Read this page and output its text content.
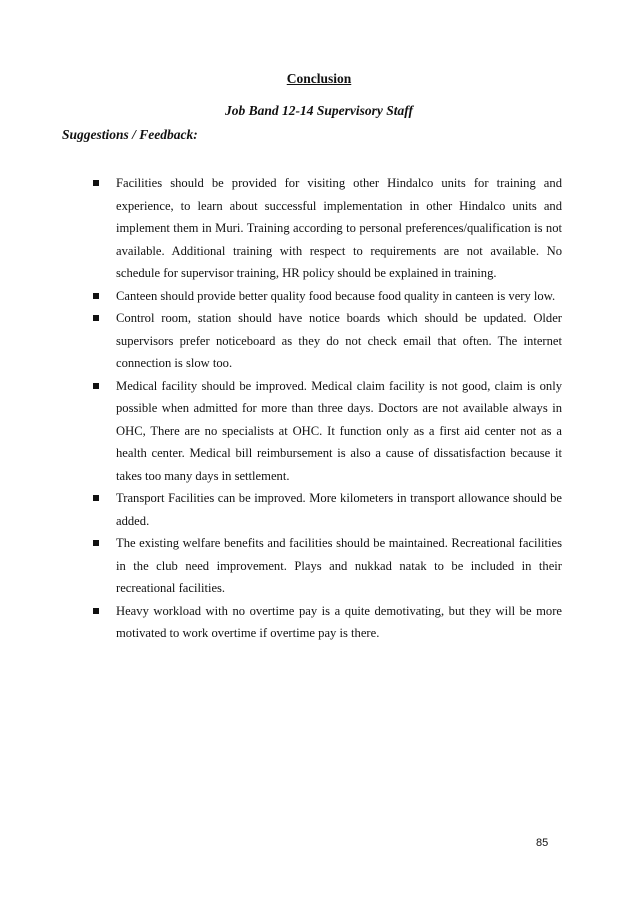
Conclusion
Job Band 12-14 Supervisory Staff
Suggestions / Feedback:
Facilities should be provided for visiting other Hindalco units for training and experience, to learn about successful implementation in other Hindalco units and implement them in Muri. Training according to personal preferences/qualification is not available. Additional training with respect to requirements are not available. No schedule for supervisor training, HR policy should be explained in training.
Canteen should provide better quality food because food quality in canteen is very low.
Control room, station should have notice boards which should be updated. Older supervisors prefer noticeboard as they do not check email that often. The internet connection is slow too.
Medical facility should be improved. Medical claim facility is not good, claim is only possible when admitted for more than three days. Doctors are not available always in OHC, There are no specialists at OHC. It function only as a first aid center not as a health center. Medical bill reimbursement is also a cause of dissatisfaction because it takes too many days in settlement.
Transport Facilities can be improved. More kilometers in transport allowance should be added.
The existing welfare benefits and facilities should be maintained. Recreational facilities in the club need improvement. Plays and nukkad natak to be included in their recreational facilities.
Heavy workload with no overtime pay is a quite demotivating, but they will be more motivated to work overtime if overtime pay is there.
85
